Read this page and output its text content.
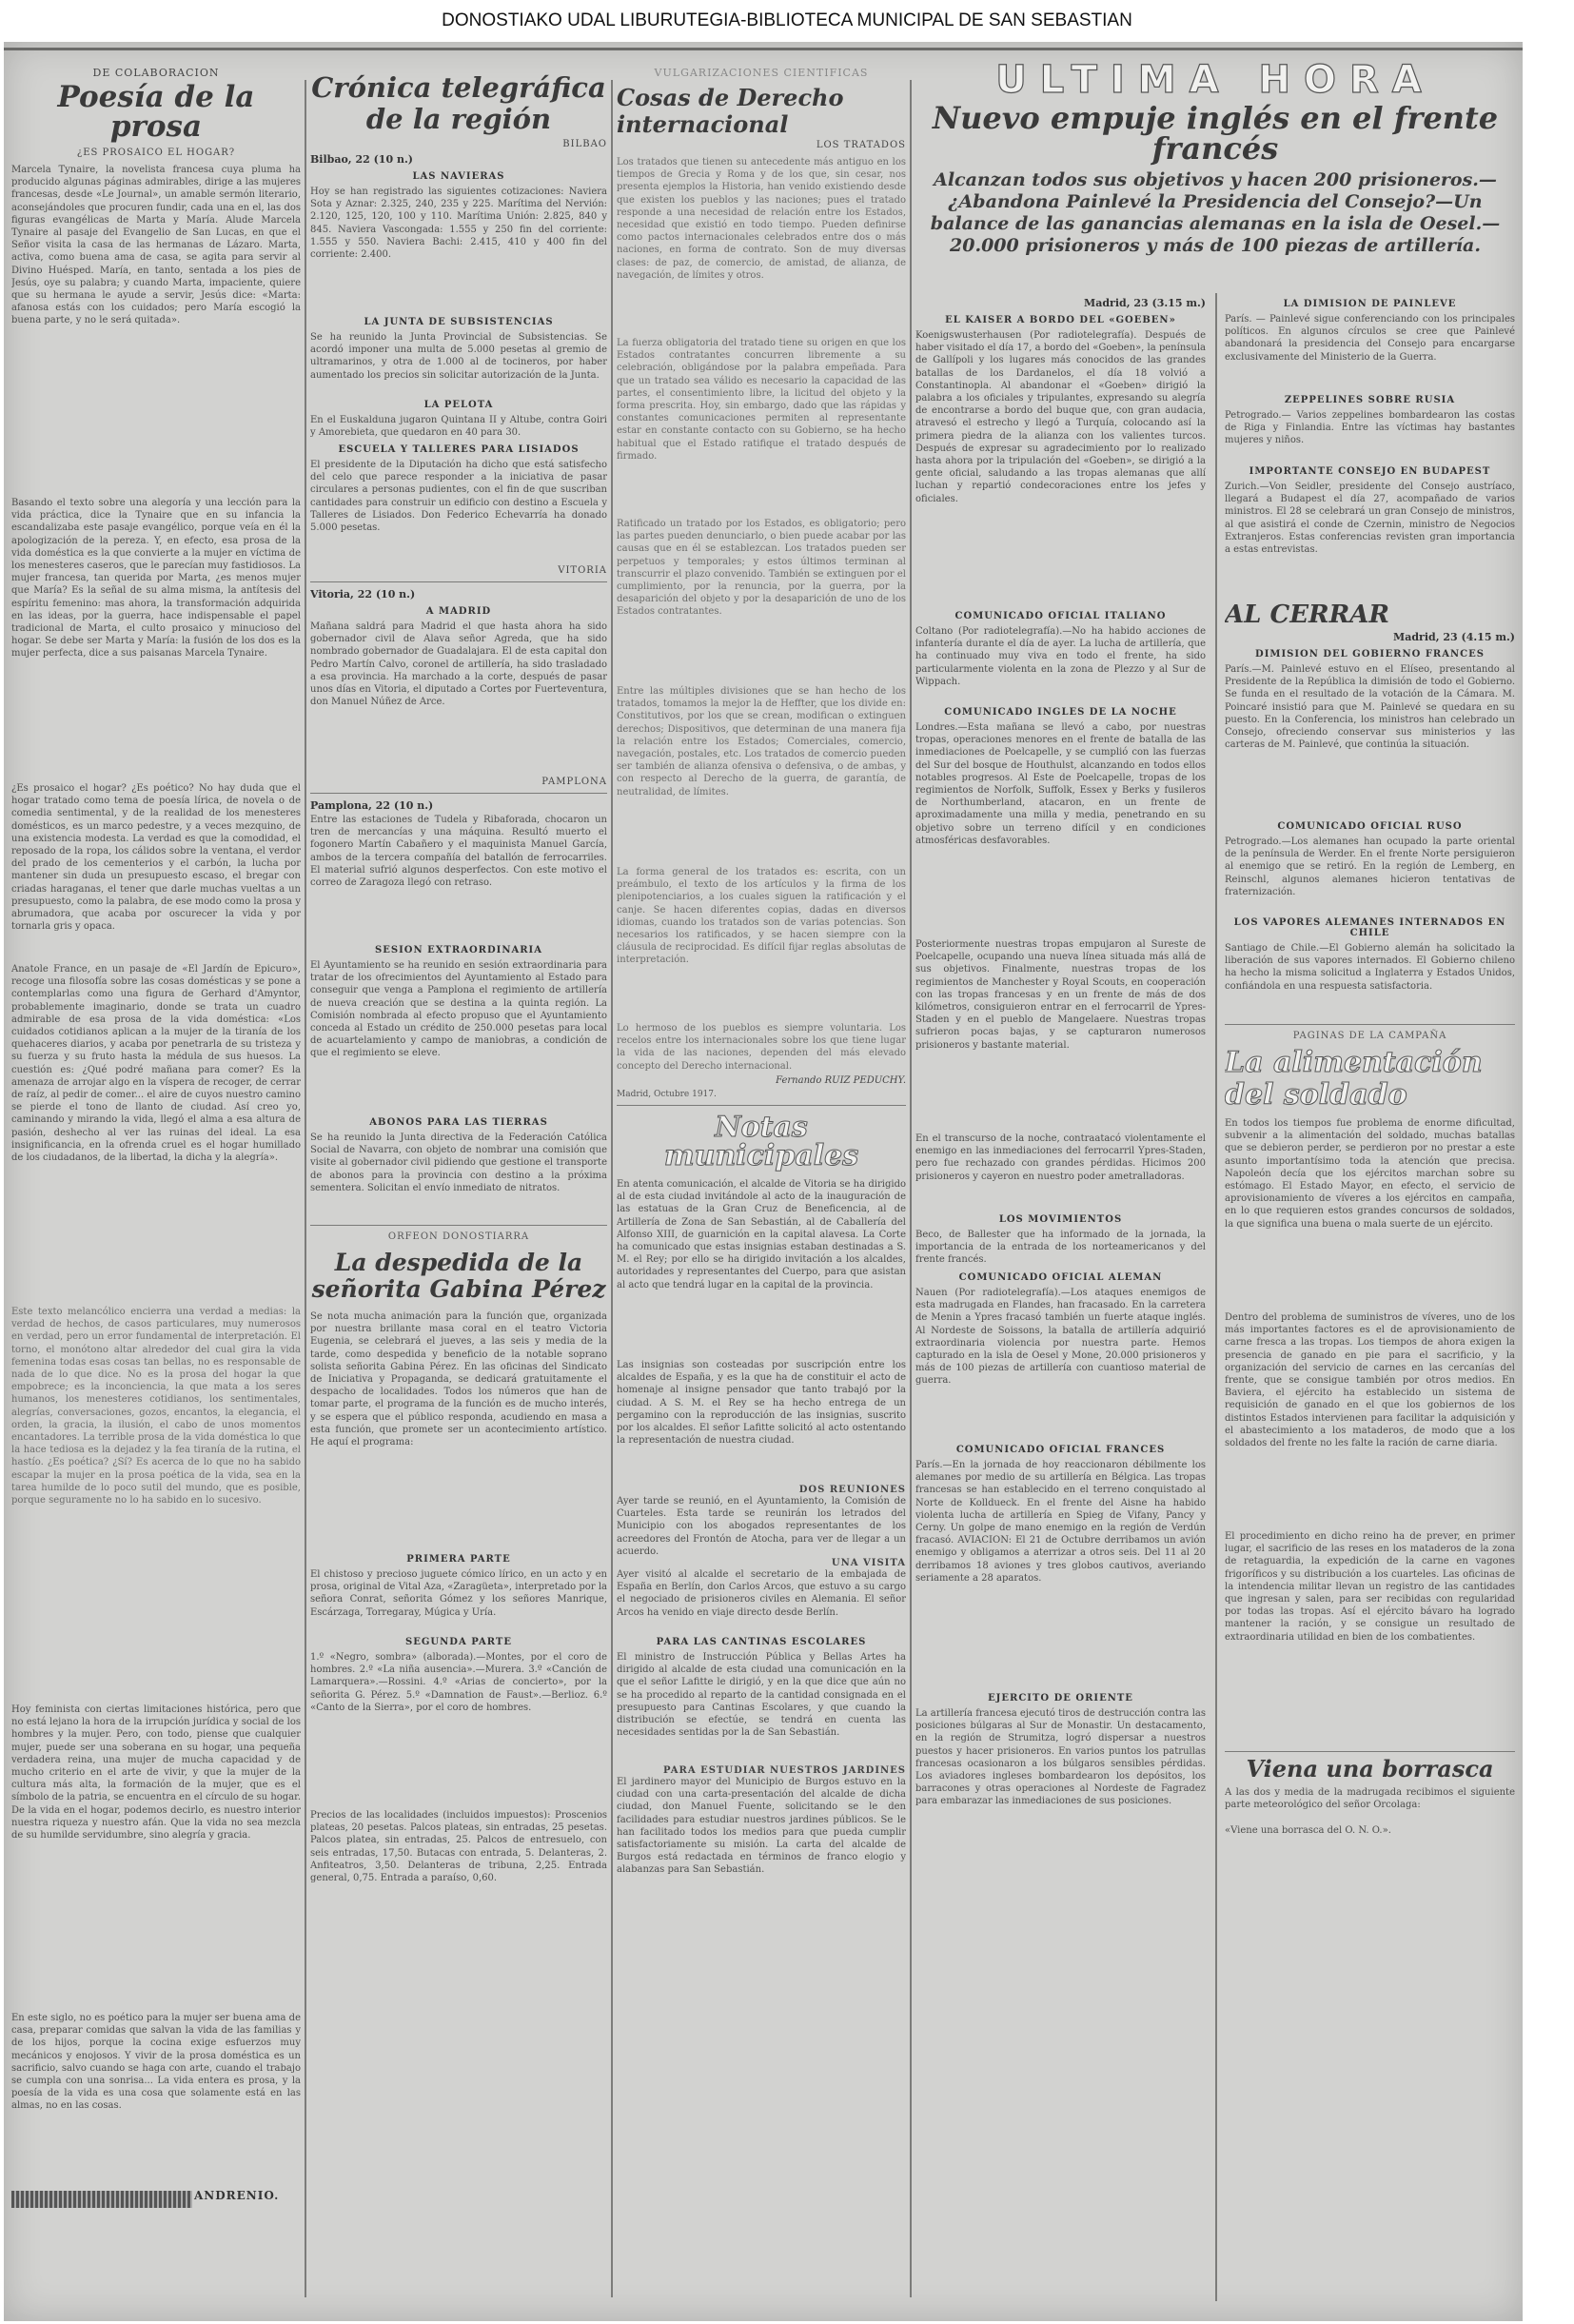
DONOSTIAKO UDAL LIBURUTEGIA-BIBLIOTECA MUNICIPAL DE SAN SEBASTIAN
DE COLABORACION
Poesía de la prosa
¿ES PROSAICO EL HOGAR?
Marcela Tynaire, la novelista francesa cuya pluma ha producido algunas páginas admirables, dirige a las mujeres francesas, desde «Le Journal», un amable sermón literario, aconsejándoles que procuren fundir, cada una en el, las dos figuras evangélicas de Marta y María. Alude Marcela Tynaire al pasaje del Evangelio de San Lucas, en que el Señor visita la casa de las hermanas de Lázaro. Marta, activa, como buena ama de casa, se agita para servir al Divino Huésped. María, en tanto, sentada a los pies de Jesús, oye su palabra; y cuando Marta, impaciente, quiere que su hermana le ayude a servir, Jesús dice: «Marta: afanosa estás con los cuidados; pero María escogió la buena parte, y no le será quitada».
Basando el texto sobre una alegoría y una lección para la vida práctica, dice la Tynaire que en su infancia la escandalizaba este pasaje evangélico, porque veía en él la apologización de la pereza. Y, en efecto, esa prosa de la vida doméstica es la que convierte a la mujer en víctima de los menesteres caseros, que le parecían muy fastidiosos. La mujer francesa, tan querida por Marta, ¿es menos mujer que María? Es la señal de su alma misma, la antítesis del espíritu femenino: mas ahora, la transformación adquirida en las ideas, por la guerra, hace indispensable el papel tradicional de Marta, el culto prosaico y minucioso del hogar. Se debe ser Marta y María: la fusión de los dos es la mujer perfecta, dice a sus paisanas Marcela Tynaire.
¿Es prosaico el hogar? ¿Es poético? No hay duda que el hogar tratado como tema de poesía lírica, de novela o de comedia sentimental, y de la realidad de los menesteres domésticos, es un marco pedestre, y a veces mezquino, de una existencia modesta. La verdad es que la comodidad, el reposado de la ropa, los cálidos sobre la ventana, el verdor del prado de los cementerios y el carbón, la lucha por mantener sin duda un presupuesto escaso, el bregar con criadas haraganas, el tener que darle muchas vueltas a un presupuesto, como la palabra, de ese modo como la prosa y abrumadora, que acaba por oscurecer la vida y por tornarla gris y opaca.
Anatole France, en un pasaje de «El Jardín de Epicuro», recoge una filosofía sobre las cosas domésticas y se pone a contemplarlas como una figura de Gerhard d'Amyntor, probablemente imaginario, donde se trata un cuadro admirable de esa prosa de la vida doméstica: «Los cuidados cotidianos aplican a la mujer de la tiranía de los quehaceres diarios, y acaba por penetrarla de su tristeza y su fuerza y su fruto hasta la médula de sus huesos. La cuestión es: ¿Qué podré mañana para comer? Es la amenaza de arrojar algo en la víspera de recoger, de cerrar de raíz, al pedir de comer... el aire de cuyos nuestro camino se pierde el tono de llanto de ciudad. Así creo yo, caminando y mirando la vida, llegó el alma a esa altura de pasión, deshecho al ver las ruinas del ideal. La esa insignificancia, en la ofrenda cruel es el hogar humillado de los ciudadanos, de la libertad, la dicha y la alegría».
Este texto melancólico encierra una verdad a medias: la verdad de hechos, de casos particulares, muy numerosos en verdad, pero un error fundamental de interpretación. El torno, el monótono altar alrededor del cual gira la vida femenina todas esas cosas tan bellas, no es responsable de nada de lo que dice. No es la prosa del hogar la que empobrece; es la inconciencia, la que mata a los seres humanos, los menesteres cotidianos, los sentimentales, alegrías, conversaciones, gozos, encantos, la elegancia, el orden, la gracia, la ilusión, el cabo de unos momentos encantadores. La terrible prosa de la vida doméstica lo que la hace tediosa es la dejadez y la fea tiranía de la rutina, el hastío. ¿Es poética? ¿Sí? Es acerca de lo que no ha sabido escapar la mujer en la prosa poética de la vida, sea en la tarea humilde de lo poco sutil del mundo, que es posible, porque seguramente no lo ha sabido en lo sucesivo.
Hoy feminista con ciertas limitaciones histórica, pero que no está lejano la hora de la irrupción jurídica y social de los hombres y la mujer. Pero, con todo, piense que cualquier mujer, puede ser una soberana en su hogar, una pequeña verdadera reina, una mujer de mucha capacidad y de mucho criterio en el arte de vivir, y que la mujer de la cultura más alta, la formación de la mujer, que es el símbolo de la patria, se encuentra en el círculo de su hogar. De la vida en el hogar, podemos decirlo, es nuestro interior nuestra riqueza y nuestro afán. Que la vida no sea mezcla de su humilde servidumbre, sino alegría y gracia.
En este siglo, no es poético para la mujer ser buena ama de casa, preparar comidas que salvan la vida de las familias y de los hijos, porque la cocina exige esfuerzos muy mecánicos y enojosos. Y vivir de la prosa doméstica es un sacrificio, salvo cuando se haga con arte, cuando el trabajo se cumpla con una sonrisa... La vida entera es prosa, y la poesía de la vida es una cosa que solamente está en las almas, no en las cosas.
ANDRENIO.
Crónica telegráfica de la región
BILBAO
Bilbao, 22 (10 n.)
LAS NAVIERAS
Hoy se han registrado las siguientes cotizaciones: Naviera Sota y Aznar: 2.325, 240, 235 y 225. Marítima del Nervión: 2.120, 125, 120, 100 y 110. Marítima Unión: 2.825, 840 y 845. Naviera Vascongada: 1.555 y 250 fin del corriente: 1.555 y 550. Naviera Bachi: 2.415, 410 y 400 fin del corriente: 2.400.
LA JUNTA DE SUBSISTENCIAS
Se ha reunido la Junta Provincial de Subsistencias. Se acordó imponer una multa de 5.000 pesetas al gremio de ultramarinos, y otra de 1.000 al de tocineros, por haber aumentado los precios sin solicitar autorización de la Junta.
LA PELOTA
En el Euskalduna jugaron Quintana II y Altube, contra Goiri y Amorebieta, que quedaron en 40 para 30.
ESCUELA Y TALLERES PARA LISIADOS
El presidente de la Diputación ha dicho que está satisfecho del celo que parece responder a la iniciativa de pasar circulares a personas pudientes, con el fin de que suscriban cantidades para construir un edificio con destino a Escuela y Talleres de Lisiados. Don Federico Echevarría ha donado 5.000 pesetas.
VITORIA
Vitoria, 22 (10 n.)
A MADRID
Mañana saldrá para Madrid el que hasta ahora ha sido gobernador civil de Alava señor Agreda, que ha sido nombrado gobernador de Guadalajara. El de esta capital don Pedro Martín Calvo, coronel de artillería, ha sido trasladado a esa provincia. Ha marchado a la corte, después de pasar unos días en Vitoria, el diputado a Cortes por Fuerteventura, don Manuel Núñez de Arce.
PAMPLONA
Pamplona, 22 (10 n.)
Entre las estaciones de Tudela y Ribaforada, chocaron un tren de mercancías y una máquina. Resultó muerto el fogonero Martín Cabañero y el maquinista Manuel García, ambos de la tercera compañía del batallón de ferrocarriles. El material sufrió algunos desperfectos. Con este motivo el correo de Zaragoza llegó con retraso.
SESION EXTRAORDINARIA
El Ayuntamiento se ha reunido en sesión extraordinaria para tratar de los ofrecimientos del Ayuntamiento al Estado para conseguir que venga a Pamplona el regimiento de artillería de nueva creación que se destina a la quinta región. La Comisión nombrada al efecto propuso que el Ayuntamiento conceda al Estado un crédito de 250.000 pesetas para local de acuartelamiento y campo de maniobras, a condición de que el regimiento se eleve.
ABONOS PARA LAS TIERRAS
Se ha reunido la Junta directiva de la Federación Católica Social de Navarra, con objeto de nombrar una comisión que visite al gobernador civil pidiendo que gestione el transporte de abonos para la provincia con destino a la próxima sementera. Solicitan el envío inmediato de nitratos.
ORFEON DONOSTIARRA
La despedida de la señorita Gabina Pérez
Se nota mucha animación para la función que, organizada por nuestra brillante masa coral en el teatro Victoria Eugenia, se celebrará el jueves, a las seis y media de la tarde, como despedida y beneficio de la notable soprano solista señorita Gabina Pérez. En las oficinas del Sindicato de Iniciativa y Propaganda, se dedicará gratuitamente el despacho de localidades. Todos los números que han de tomar parte, el programa de la función es de mucho interés, y se espera que el público responda, acudiendo en masa a esta función, que promete ser un acontecimiento artístico. He aquí el programa:
PRIMERA PARTE
El chistoso y precioso juguete cómico lírico, en un acto y en prosa, original de Vital Aza, «Zaragüeta», interpretado por la señora Conrat, señorita Gómez y los señores Manrique, Escárzaga, Torregaray, Múgica y Uría.
SEGUNDA PARTE
1.º «Negro, sombra» (alborada).—Montes, por el coro de hombres. 2.º «La niña ausencia».—Murera. 3.º «Canción de Lamarquera».—Rossini. 4.º «Arias de concierto», por la señorita G. Pérez. 5.º «Damnation de Faust».—Berlioz. 6.º «Canto de la Sierra», por el coro de hombres.
Precios de las localidades (incluidos impuestos): Proscenios plateas, 20 pesetas. Palcos plateas, sin entradas, 25 pesetas. Palcos platea, sin entradas, 25. Palcos de entresuelo, con seis entradas, 17,50. Butacas con entrada, 5. Delanteras, 2. Anfiteatros, 3,50. Delanteras de tribuna, 2,25. Entrada general, 0,75. Entrada a paraíso, 0,60.
VULGARIZACIONES CIENTIFICAS
Cosas de Derecho internacional
LOS TRATADOS
Los tratados que tienen su antecedente más antiguo en los tiempos de Grecia y Roma y de los que, sin cesar, nos presenta ejemplos la Historia, han venido existiendo desde que existen los pueblos y las naciones; pues el tratado responde a una necesidad de relación entre los Estados, necesidad que existió en todo tiempo. Pueden definirse como pactos internacionales celebrados entre dos o más naciones, en forma de contrato. Son de muy diversas clases: de paz, de comercio, de amistad, de alianza, de navegación, de límites y otros.
La fuerza obligatoria del tratado tiene su origen en que los Estados contratantes concurren libremente a su celebración, obligándose por la palabra empeñada. Para que un tratado sea válido es necesario la capacidad de las partes, el consentimiento libre, la licitud del objeto y la forma prescrita. Hoy, sin embargo, dado que las rápidas y constantes comunicaciones permiten al representante estar en constante contacto con su Gobierno, se ha hecho habitual que el Estado ratifique el tratado después de firmado.
Ratificado un tratado por los Estados, es obligatorio; pero las partes pueden denunciarlo, o bien puede acabar por las causas que en él se establezcan. Los tratados pueden ser perpetuos y temporales; y estos últimos terminan al transcurrir el plazo convenido. También se extinguen por el cumplimiento, por la renuncia, por la guerra, por la desaparición del objeto y por la desaparición de uno de los Estados contratantes.
Entre las múltiples divisiones que se han hecho de los tratados, tomamos la mejor la de Heffter, que los divide en: Constitutivos, por los que se crean, modifican o extinguen derechos; Dispositivos, que determinan de una manera fija la relación entre los Estados; Comerciales, comercio, navegación, postales, etc. Los tratados de comercio pueden ser también de alianza ofensiva o defensiva, o de ambas, y con respecto al Derecho de la guerra, de garantía, de neutralidad, de límites.
La forma general de los tratados es: escrita, con un preámbulo, el texto de los artículos y la firma de los plenipotenciarios, a los cuales siguen la ratificación y el canje. Se hacen diferentes copias, dadas en diversos idiomas, cuando los tratados son de varias potencias. Son necesarios los ratificados, y se hacen siempre con la cláusula de reciprocidad. Es difícil fijar reglas absolutas de interpretación.
Lo hermoso de los pueblos es siempre voluntaria. Los recelos entre los internacionales sobre los que tiene lugar la vida de las naciones, dependen del más elevado concepto del Derecho internacional.
Fernando RUIZ PEDUCHY.
Madrid, Octubre 1917.
Notas municipales
En atenta comunicación, el alcalde de Vitoria se ha dirigido al de esta ciudad invitándole al acto de la inauguración de las estatuas de la Gran Cruz de Beneficencia, al de Artillería de Zona de San Sebastián, al de Caballería del Alfonso XIII, de guarnición en la capital alavesa. La Corte ha comunicado que estas insignias estaban destinadas a S. M. el Rey; por ello se ha dirigido invitación a los alcaldes, autoridades y representantes del Cuerpo, para que asistan al acto que tendrá lugar en la capital de la provincia.
Las insignias son costeadas por suscripción entre los alcaldes de España, y es la que ha de constituir el acto de homenaje al insigne pensador que tanto trabajó por la ciudad. A S. M. el Rey se ha hecho entrega de un pergamino con la reproducción de las insignias, suscrito por los alcaldes. El señor Lafitte solicitó al acto ostentando la representación de nuestra ciudad.
DOS REUNIONES
Ayer tarde se reunió, en el Ayuntamiento, la Comisión de Cuarteles. Esta tarde se reunirán los letrados del Municipio con los abogados representantes de los acreedores del Frontón de Atocha, para ver de llegar a un acuerdo.
UNA VISITA
Ayer visitó al alcalde el secretario de la embajada de España en Berlín, don Carlos Arcos, que estuvo a su cargo el negociado de prisioneros civiles en Alemania. El señor Arcos ha venido en viaje directo desde Berlín.
PARA LAS CANTINAS ESCOLARES
El ministro de Instrucción Pública y Bellas Artes ha dirigido al alcalde de esta ciudad una comunicación en la que el señor Lafitte le dirigió, y en la que dice que aún no se ha procedido al reparto de la cantidad consignada en el presupuesto para Cantinas Escolares, y que cuando la distribución se efectúe, se tendrá en cuenta las necesidades sentidas por la de San Sebastián.
PARA ESTUDIAR NUESTROS JARDINES
El jardinero mayor del Municipio de Burgos estuvo en la ciudad con una carta-presentación del alcalde de dicha ciudad, don Manuel Fuente, solicitando se le den facilidades para estudiar nuestros jardines públicos. Se le han facilitado todos los medios para que pueda cumplir satisfactoriamente su misión. La carta del alcalde de Burgos está redactada en términos de franco elogio y alabanzas para San Sebastián.
ULTIMA HORA
Nuevo empuje inglés en el frente francés
Alcanzan todos sus objetivos y hacen 200 prisioneros.—¿Abandona Painlevé la Presidencia del Consejo?—Un balance de las ganancias alemanas en la isla de Oesel.—20.000 prisioneros y más de 100 piezas de artillería.
Madrid, 23 (3.15 m.)
EL KAISER A BORDO DEL «GOEBEN»
Koenigswusterhausen (Por radiotelegrafía). Después de haber visitado el día 17, a bordo del «Goeben», la península de Gallípoli y los lugares más conocidos de las grandes batallas de los Dardanelos, el día 18 volvió a Constantinopla. Al abandonar el «Goeben» dirigió la palabra a los oficiales y tripulantes, expresando su alegría de encontrarse a bordo del buque que, con gran audacia, atravesó el estrecho y llegó a Turquía, colocando así la primera piedra de la alianza con los valientes turcos. Después de expresar su agradecimiento por lo realizado hasta ahora por la tripulación del «Goeben», se dirigió a la gente oficial, saludando a las tropas alemanas que allí luchan y repartió condecoraciones entre los jefes y oficiales.
COMUNICADO OFICIAL ITALIANO
Coltano (Por radiotelegrafía).—No ha habido acciones de infantería durante el día de ayer. La lucha de artillería, que ha continuado muy viva en todo el frente, ha sido particularmente violenta en la zona de Plezzo y al Sur de Wippach.
COMUNICADO INGLES DE LA NOCHE
Londres.—Esta mañana se llevó a cabo, por nuestras tropas, operaciones menores en el frente de batalla de las inmediaciones de Poelcapelle, y se cumplió con las fuerzas del Sur del bosque de Houthulst, alcanzando en todos ellos notables progresos. Al Este de Poelcapelle, tropas de los regimientos de Norfolk, Suffolk, Essex y Berks y fusileros de Northumberland, atacaron, en un frente de aproximadamente una milla y media, penetrando en su objetivo sobre un terreno difícil y en condiciones atmosféricas desfavorables.
Posteriormente nuestras tropas empujaron al Sureste de Poelcapelle, ocupando una nueva línea situada más allá de sus objetivos. Finalmente, nuestras tropas de los regimientos de Manchester y Royal Scouts, en cooperación con las tropas francesas y en un frente de más de dos kilómetros, consiguieron entrar en el ferrocarril de Ypres-Staden y en el pueblo de Mangelaere. Nuestras tropas sufrieron pocas bajas, y se capturaron numerosos prisioneros y bastante material.
En el transcurso de la noche, contraatacó violentamente el enemigo en las inmediaciones del ferrocarril Ypres-Staden, pero fue rechazado con grandes pérdidas. Hicimos 200 prisioneros y cayeron en nuestro poder ametralladoras.
LOS MOVIMIENTOS
Beco, de Ballester que ha informado de la jornada, la importancia de la entrada de los norteamericanos y del frente francés.
COMUNICADO OFICIAL ALEMAN
Nauen (Por radiotelegrafía).—Los ataques enemigos de esta madrugada en Flandes, han fracasado. En la carretera de Menin a Ypres fracasó también un fuerte ataque inglés. Al Nordeste de Soissons, la batalla de artillería adquirió extraordinaria violencia por nuestra parte. Hemos capturado en la isla de Oesel y Mone, 20.000 prisioneros y más de 100 piezas de artillería con cuantioso material de guerra.
COMUNICADO OFICIAL FRANCES
París.—En la jornada de hoy reaccionaron débilmente los alemanes por medio de su artillería en Bélgica. Las tropas francesas se han establecido en el terreno conquistado al Norte de Kolldueck. En el frente del Aisne ha habido violenta lucha de artillería en Spieg de Vifany, Pancy y Cerny. Un golpe de mano enemigo en la región de Verdún fracasó. AVIACION: El 21 de Octubre derribamos un avión enemigo y obligamos a aterrizar a otros seis. Del 11 al 20 derribamos 18 aviones y tres globos cautivos, averiando seriamente a 28 aparatos.
EJERCITO DE ORIENTE
La artillería francesa ejecutó tiros de destrucción contra las posiciones búlgaras al Sur de Monastir. Un destacamento, en la región de Strumitza, logró dispersar a nuestros puestos y hacer prisioneros. En varios puntos los patrullas francesas ocasionaron a los búlgaros sensibles pérdidas. Los aviadores ingleses bombardearon los depósitos, los barracones y otras operaciones al Nordeste de Fagradez para embarazar las inmediaciones de sus posiciones.
LA DIMISION DE PAINLEVE
París. — Painlevé sigue conferenciando con los principales políticos. En algunos círculos se cree que Painlevé abandonará la presidencia del Consejo para encargarse exclusivamente del Ministerio de la Guerra.
ZEPPELINES SOBRE RUSIA
Petrogrado.— Varios zeppelines bombardearon las costas de Riga y Finlandia. Entre las víctimas hay bastantes mujeres y niños.
IMPORTANTE CONSEJO EN BUDAPEST
Zurich.—Von Seidler, presidente del Consejo austríaco, llegará a Budapest el día 27, acompañado de varios ministros. El 28 se celebrará un gran Consejo de ministros, al que asistirá el conde de Czernin, ministro de Negocios Extranjeros. Estas conferencias revisten gran importancia a estas entrevistas.
AL CERRAR
Madrid, 23 (4.15 m.)
DIMISION DEL GOBIERNO FRANCES
París.—M. Painlevé estuvo en el Elíseo, presentando al Presidente de la República la dimisión de todo el Gobierno. Se funda en el resultado de la votación de la Cámara. M. Poincaré insistió para que M. Painlevé se quedara en su puesto. En la Conferencia, los ministros han celebrado un Consejo, ofreciendo conservar sus ministerios y las carteras de M. Painlevé, que continúa la situación.
COMUNICADO OFICIAL RUSO
Petrogrado.—Los alemanes han ocupado la parte oriental de la península de Werder. En el frente Norte persiguieron al enemigo que se retiró. En la región de Lemberg, en Reinschl, algunos alemanes hicieron tentativas de fraternización.
LOS VAPORES ALEMANES INTERNADOS EN CHILE
Santiago de Chile.—El Gobierno alemán ha solicitado la liberación de sus vapores internados. El Gobierno chileno ha hecho la misma solicitud a Inglaterra y Estados Unidos, confiándola en una respuesta satisfactoria.
PAGINAS DE LA CAMPAÑA
La alimentación del soldado
En todos los tiempos fue problema de enorme dificultad, subvenir a la alimentación del soldado, muchas batallas que se debieron perder, se perdieron por no prestar a este asunto importantísimo toda la atención que precisa. Napoleón decía que los ejércitos marchan sobre su estómago. El Estado Mayor, en efecto, el servicio de aprovisionamiento de víveres a los ejércitos en campaña, en lo que requieren estos grandes concursos de soldados, la que significa una buena o mala suerte de un ejército.
Dentro del problema de suministros de víveres, uno de los más importantes factores es el de aprovisionamiento de carne fresca a las tropas. Los tiempos de ahora exigen la presencia de ganado en pie para el sacrificio, y la organización del servicio de carnes en las cercanías del frente, que se consigue también por otros medios. En Baviera, el ejército ha establecido un sistema de requisición de ganado en el que los gobiernos de los distintos Estados intervienen para facilitar la adquisición y el abastecimiento a los mataderos, de modo que a los soldados del frente no les falte la ración de carne diaria.
El procedimiento en dicho reino ha de prever, en primer lugar, el sacrificio de las reses en los mataderos de la zona de retaguardia, la expedición de la carne en vagones frigoríficos y su distribución a los cuarteles. Las oficinas de la intendencia militar llevan un registro de las cantidades que ingresan y salen, para ser recibidas con regularidad por todas las tropas. Así el ejército bávaro ha logrado mantener la ración, y se consigue un resultado de extraordinaria utilidad en bien de los combatientes.
Viena una borrasca
A las dos y media de la madrugada recibimos el siguiente parte meteorológico del señor Orcolaga:
«Viene una borrasca del O. N. O.».
